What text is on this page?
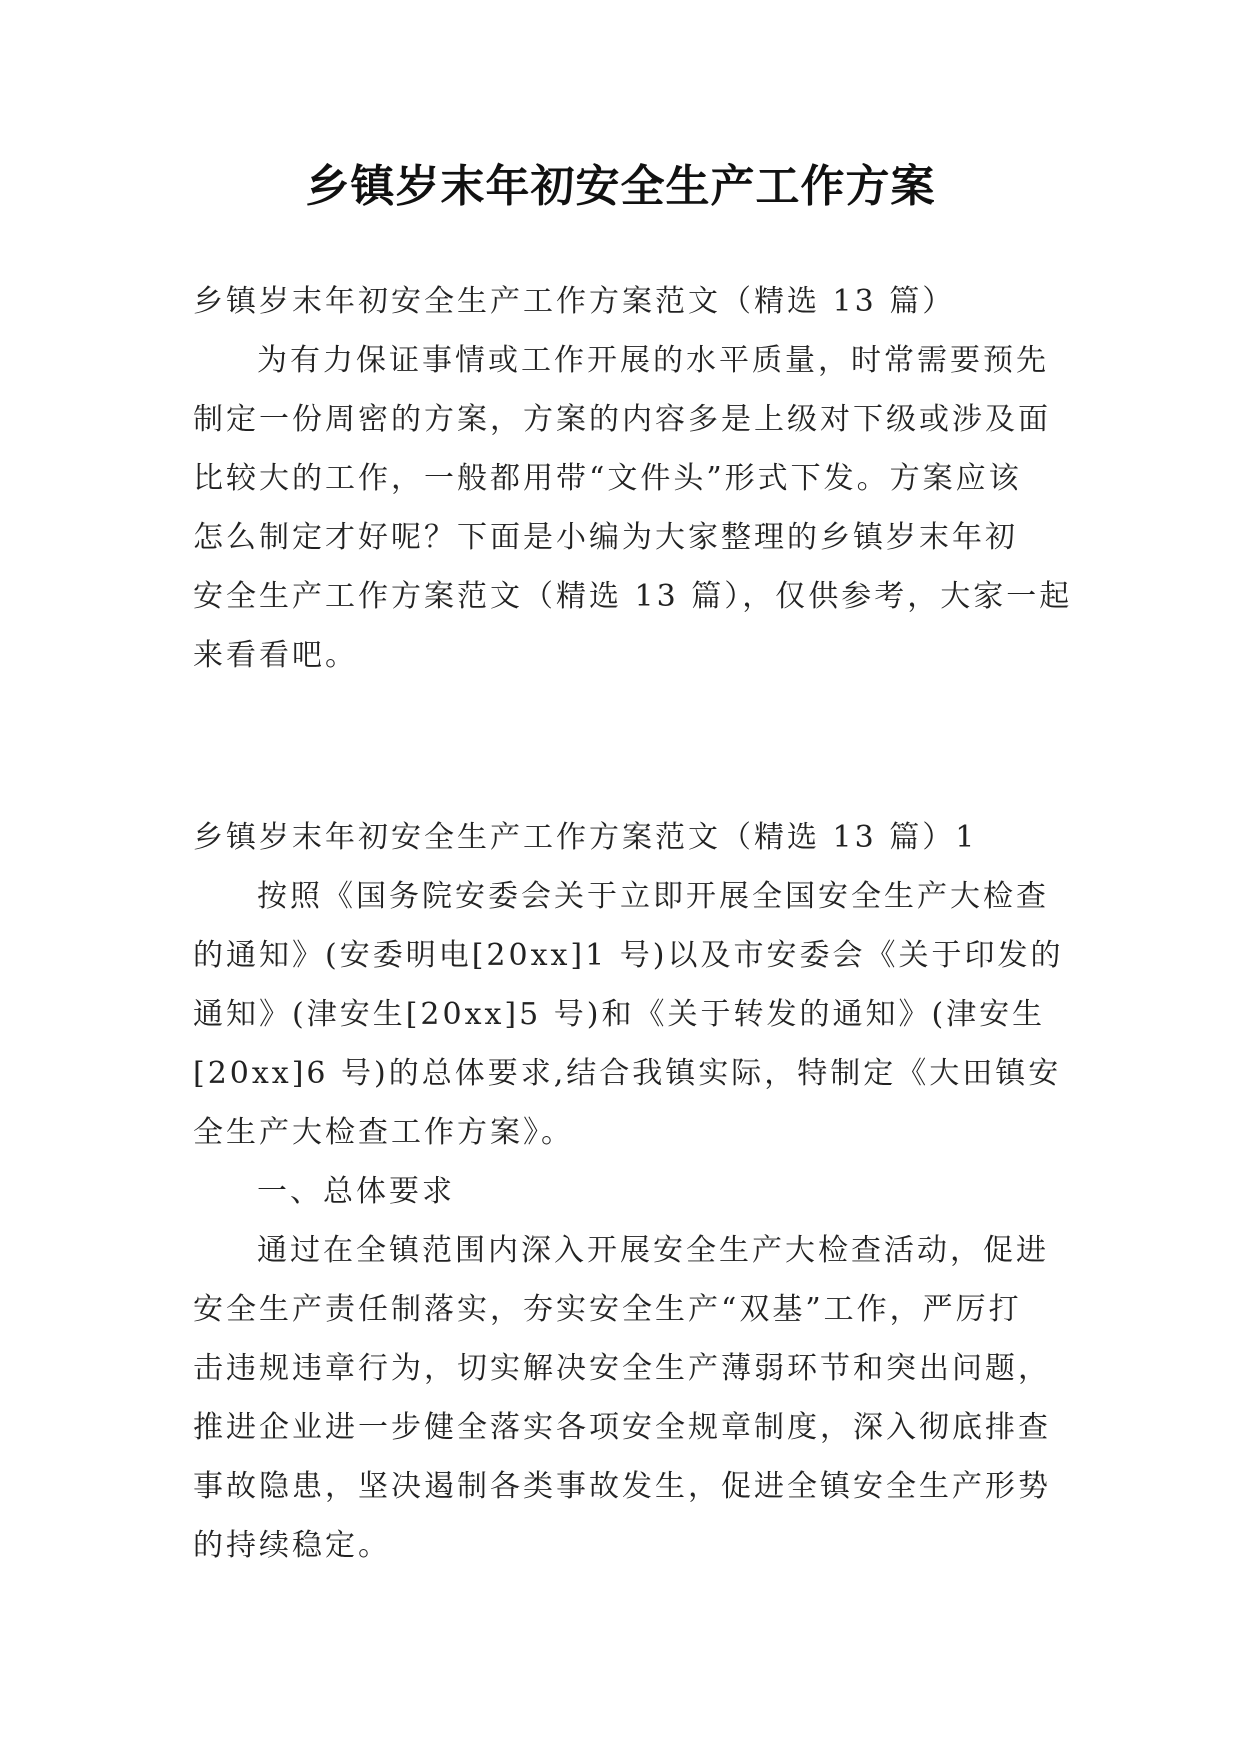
乡镇岁末年初安全生产工作方案
乡镇岁末年初安全生产工作方案范文（精选 13 篇）
为有力保证事情或工作开展的水平质量，时常需要预先
制定一份周密的方案，方案的内容多是上级对下级或涉及面
比较大的工作，一般都用带“文件头”形式下发。方案应该
怎么制定才好呢？下面是小编为大家整理的乡镇岁末年初
安全生产工作方案范文（精选 13 篇），仅供参考，大家一起
来看看吧。
乡镇岁末年初安全生产工作方案范文（精选 13 篇）1
按照《国务院安委会关于立即开展全国安全生产大检查
的通知》(安委明电[20xx]1 号)以及市安委会《关于印发的
通知》(津安生[20xx]5 号)和《关于转发的通知》(津安生
[20xx]6 号)的总体要求,结合我镇实际，特制定《大田镇安
全生产大检查工作方案》。
一、总体要求
通过在全镇范围内深入开展安全生产大检查活动，促进
安全生产责任制落实，夯实安全生产“双基”工作，严厉打
击违规违章行为，切实解决安全生产薄弱环节和突出问题，
推进企业进一步健全落实各项安全规章制度，深入彻底排查
事故隐患，坚决遏制各类事故发生，促进全镇安全生产形势
的持续稳定。
